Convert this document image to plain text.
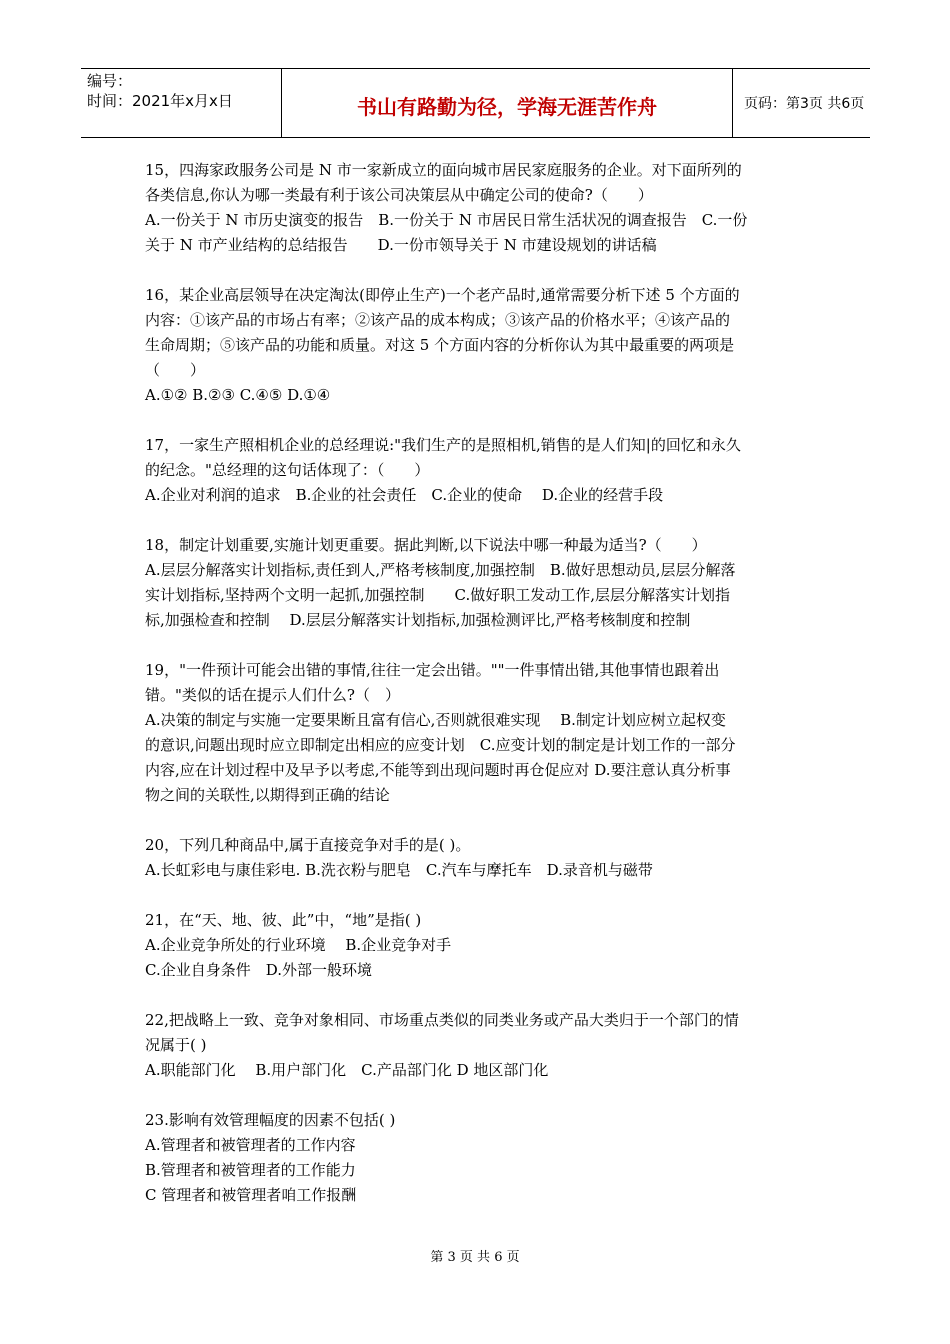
编号：
时间：2021年x月x日	书山有路勤为径，学海无涯苦作舟	页码：第3页 共6页
15，四海家政服务公司是 N 市一家新成立的面向城市居民家庭服务的企业。对下面所列的
各类信息,你认为哪一类最有利于该公司决策层从中确定公司的使命?（　　）
A.一份关于 N 市历史演变的报告　B.一份关于 N 市居民日常生活状况的调查报告　C.一份
关于 N 市产业结构的总结报告　　D.一份市领导关于 N 市建设规划的讲话稿
16，某企业高层领导在决定淘汰(即停止生产)一个老产品时,通常需要分析下述 5 个方面的
内容：①该产品的市场占有率；②该产品的成本构成；③该产品的价格水平；④该产品的
生命周期；⑤该产品的功能和质量。对这 5 个方面内容的分析你认为其中最重要的两项是
（　　）
A.①② B.②③ C.④⑤ D.①④
17，一家生产照相机企业的总经理说:"我们生产的是照相机,销售的是人们知|的回忆和永久
的纪念。"总经理的这句话体现了：（　　）
A.企业对利润的追求　B.企业的社会责任　C.企业的使命　 D.企业的经营手段
18，制定计划重要,实施计划更重要。据此判断,以下说法中哪一种最为适当?（　　）
A.层层分解落实计划指标,责任到人,严格考核制度,加强控制　B.做好思想动员,层层分解落
实计划指标,坚持两个文明一起抓,加强控制　　C.做好职工发动工作,层层分解落实计划指
标,加强检查和控制　 D.层层分解落实计划指标,加强检测评比,严格考核制度和控制
19，"一件预计可能会出错的事情,往往一定会出错。""一件事情出错,其他事情也跟着出
错。"类似的话在提示人们什么?（　）
A.决策的制定与实施一定要果断且富有信心,否则就很难实现　 B.制定计划应树立起权变
的意识,问题出现时应立即制定出相应的应变计划　C.应变计划的制定是计划工作的一部分
内容,应在计划过程中及早予以考虑,不能等到出现问题时再仓促应对 D.要注意认真分析事
物之间的关联性,以期得到正确的结论
20，下列几种商品中,属于直接竞争对手的是( )。
A.长虹彩电与康佳彩电. B.洗衣粉与肥皂　C.汽车与摩托车　D.录音机与磁带
21，在“天、地、彼、此”中，“地”是指( )
A.企业竞争所处的行业环境　 B.企业竞争对手
C.企业自身条件　D.外部一般环境
22,把战略上一致、竞争对象相同、市场重点类似的同类业务或产品大类归于一个部门的情
况属于( )
A.职能部门化　 B.用户部门化　C.产品部门化 D 地区部门化
23.影响有效管理幅度的因素不包括( )
A.管理者和被管理者的工作内容
B.管理者和被管理者的工作能力
C 管理者和被管理者咱工作报酬
第 3 页 共 6 页
